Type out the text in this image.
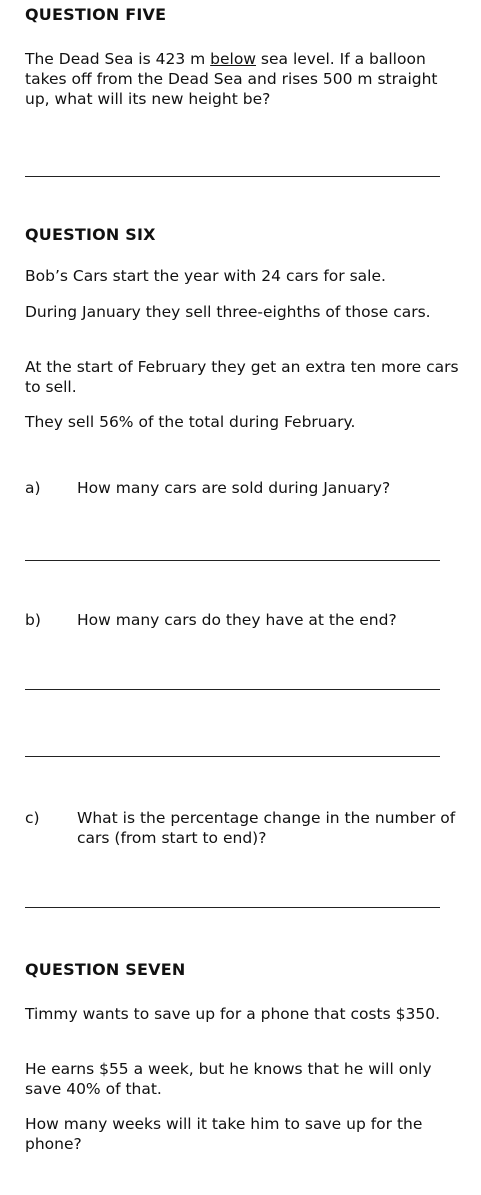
QUESTION FIVE

The Dead Sea is 423 m below sea level. If a balloon takes off from the Dead Sea and rises 500 m straight up, what will its new height be?

QUESTION SIX

Bob’s Cars start the year with 24 cars for sale.

During January they sell three-eighths of those cars.

At the start of February they get an extra ten more cars to sell.

They sell 56% of the total during February.

a) How many cars are sold during January?
b) How many cars do they have at the end?
c) What is the percentage change in the number of cars (from start to end)?
QUESTION SEVEN

Timmy wants to save up for a phone that costs $350.

He earns $55 a week, but he knows that he will only save 40% of that.

How many weeks will it take him to save up for the phone?
